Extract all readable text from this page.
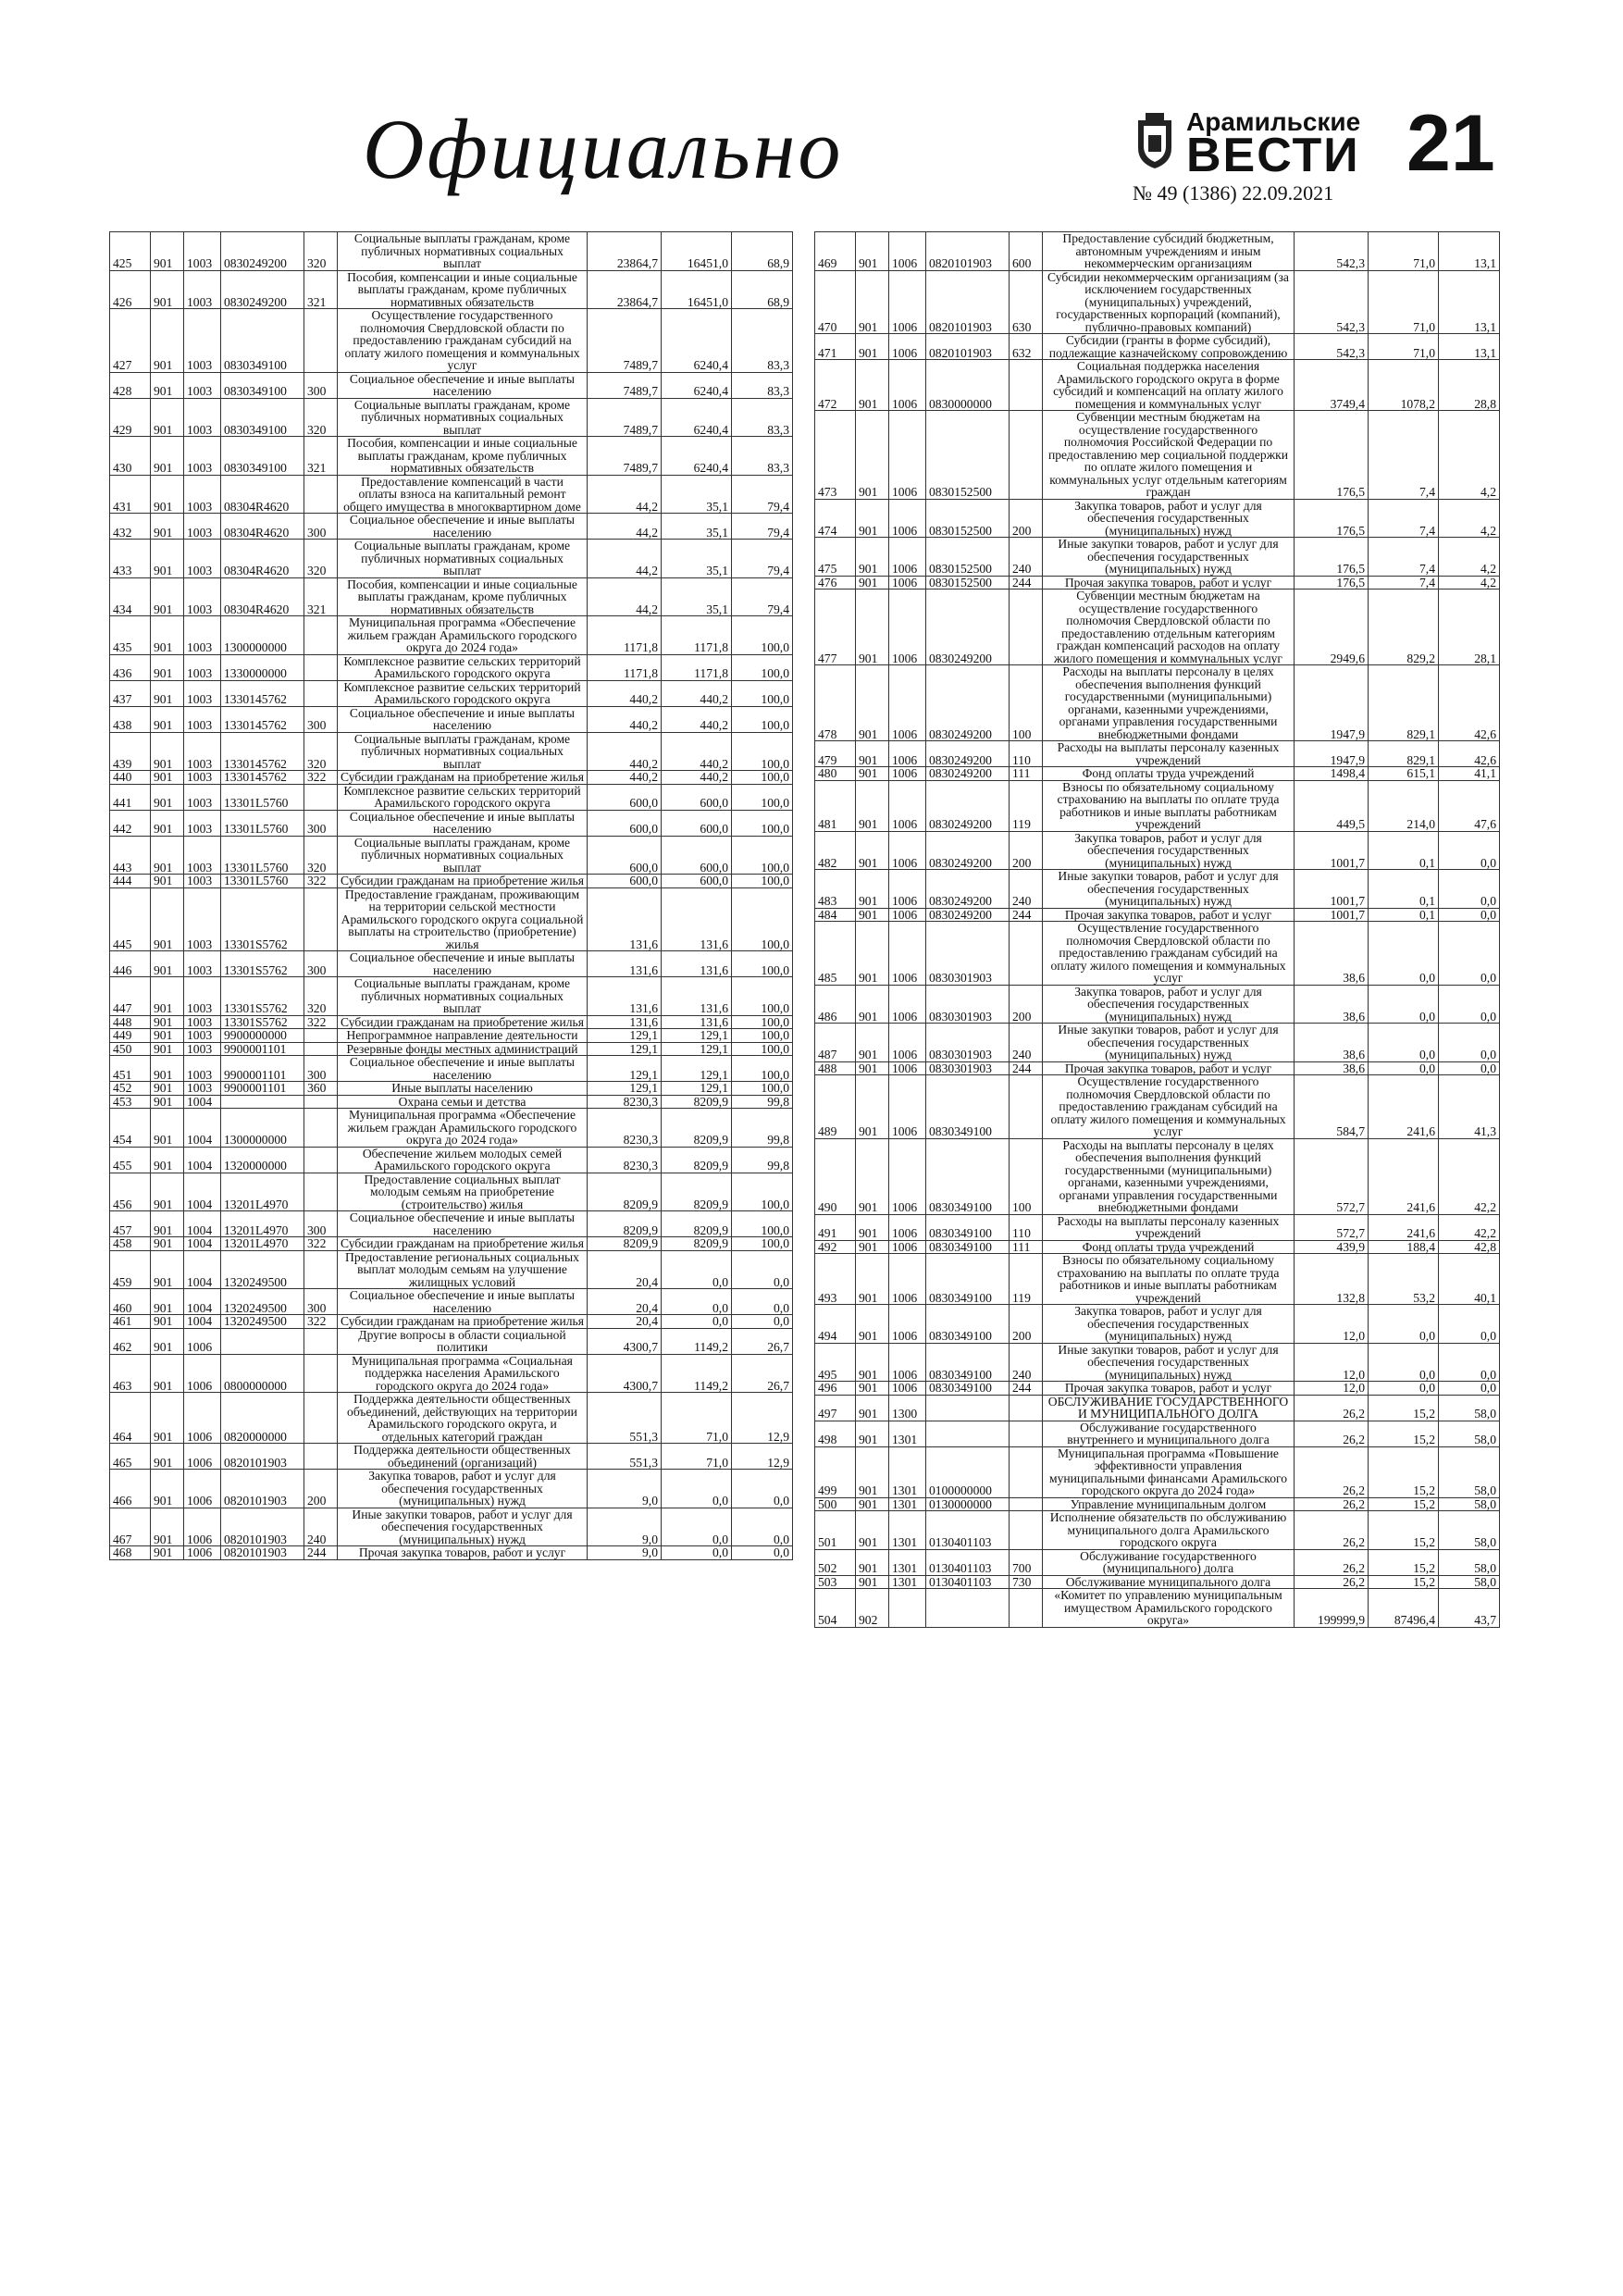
Официально	Арамильские
ВЕСТИ 21
№ 49 (1386) 22.09.2021
425	901	1003	0830249200	320	Социальные выплаты гражданам, кроме публичных нормативных социальных выплат	23864,7	16451,0	68,9
426	901	1003	0830249200	321	Пособия, компенсации и иные социальные выплаты гражданам, кроме публичных нормативных обязательств	23864,7	16451,0	68,9
427	901	1003	0830349100		Осуществление государственного полномочия Свердловской области по предоставлению гражданам субсидий на оплату жилого помещения и коммунальных услуг	7489,7	6240,4	83,3
428	901	1003	0830349100	300	Социальное обеспечение и иные выплаты населению	7489,7	6240,4	83,3
429	901	1003	0830349100	320	Социальные выплаты гражданам, кроме публичных нормативных социальных выплат	7489,7	6240,4	83,3
430	901	1003	0830349100	321	Пособия, компенсации и иные социальные выплаты гражданам, кроме публичных нормативных обязательств	7489,7	6240,4	83,3
431	901	1003	08304R4620		Предоставление компенсаций в части оплаты взноса на капитальный ремонт общего имущества в многоквартирном доме	44,2	35,1	79,4
432	901	1003	08304R4620	300	Социальное обеспечение и иные выплаты населению	44,2	35,1	79,4
433	901	1003	08304R4620	320	Социальные выплаты гражданам, кроме публичных нормативных социальных выплат	44,2	35,1	79,4
434	901	1003	08304R4620	321	Пособия, компенсации и иные социальные выплаты гражданам, кроме публичных нормативных обязательств	44,2	35,1	79,4
435	901	1003	1300000000		Муниципальная программа «Обеспечение жильем граждан Арамильского городского округа до 2024 года»	1171,8	1171,8	100,0
436	901	1003	1330000000		Комплексное развитие сельских территорий Арамильского городского округа	1171,8	1171,8	100,0
437	901	1003	1330145762		Комплексное развитие сельских территорий Арамильского городского округа	440,2	440,2	100,0
438	901	1003	1330145762	300	Социальное обеспечение и иные выплаты населению	440,2	440,2	100,0
439	901	1003	1330145762	320	Социальные выплаты гражданам, кроме публичных нормативных социальных выплат	440,2	440,2	100,0
440	901	1003	1330145762	322	Субсидии гражданам на приобретение жилья	440,2	440,2	100,0
441	901	1003	13301L5760		Комплексное развитие сельских территорий Арамильского городского округа	600,0	600,0	100,0
442	901	1003	13301L5760	300	Социальное обеспечение и иные выплаты населению	600,0	600,0	100,0
443	901	1003	13301L5760	320	Социальные выплаты гражданам, кроме публичных нормативных социальных выплат	600,0	600,0	100,0
444	901	1003	13301L5760	322	Субсидии гражданам на приобретение жилья	600,0	600,0	100,0
445	901	1003	13301S5762		Предоставление гражданам, проживающим на территории сельской местности Арамильского городского округа социальной выплаты на строительство (приобретение) жилья	131,6	131,6	100,0
446	901	1003	13301S5762	300	Социальное обеспечение и иные выплаты населению	131,6	131,6	100,0
447	901	1003	13301S5762	320	Социальные выплаты гражданам, кроме публичных нормативных социальных выплат	131,6	131,6	100,0
448	901	1003	13301S5762	322	Субсидии гражданам на приобретение жилья	131,6	131,6	100,0
449	901	1003	9900000000		Непрограммное направление деятельности	129,1	129,1	100,0
450	901	1003	9900001101		Резервные фонды местных администраций	129,1	129,1	100,0
451	901	1003	9900001101	300	Социальное обеспечение и иные выплаты населению	129,1	129,1	100,0
452	901	1003	9900001101	360	Иные выплаты населению	129,1	129,1	100,0
453	901	1004			Охрана семьи и детства	8230,3	8209,9	99,8
454	901	1004	1300000000		Муниципальная программа «Обеспечение жильем граждан Арамильского городского округа до 2024 года»	8230,3	8209,9	99,8
455	901	1004	1320000000		Обеспечение жильем молодых семей Арамильского городского округа	8230,3	8209,9	99,8
456	901	1004	13201L4970		Предоставление социальных выплат молодым семьям на приобретение (строительство) жилья	8209,9	8209,9	100,0
457	901	1004	13201L4970	300	Социальное обеспечение и иные выплаты населению	8209,9	8209,9	100,0
458	901	1004	13201L4970	322	Субсидии гражданам на приобретение жилья	8209,9	8209,9	100,0
459	901	1004	1320249500		Предоставление региональных социальных выплат молодым семьям на улучшение жилищных условий	20,4	0,0	0,0
460	901	1004	1320249500	300	Социальное обеспечение и иные выплаты населению	20,4	0,0	0,0
461	901	1004	1320249500	322	Субсидии гражданам на приобретение жилья	20,4	0,0	0,0
462	901	1006			Другие вопросы в области социальной политики	4300,7	1149,2	26,7
463	901	1006	0800000000		Муниципальная программа «Социальная поддержка населения Арамильского городского округа до 2024 года»	4300,7	1149,2	26,7
464	901	1006	0820000000		Поддержка деятельности общественных объединений, действующих на территории Арамильского городского округа, и отдельных категорий граждан	551,3	71,0	12,9
465	901	1006	0820101903		Поддержка деятельности общественных объединений (организаций)	551,3	71,0	12,9
466	901	1006	0820101903	200	Закупка товаров, работ и услуг для обеспечения государственных (муниципальных) нужд	9,0	0,0	0,0
467	901	1006	0820101903	240	Иные закупки товаров, работ и услуг для обеспечения государственных (муниципальных) нужд	9,0	0,0	0,0
468	901	1006	0820101903	244	Прочая закупка товаров, работ и услуг	9,0	0,0	0,0
469	901	1006	0820101903	600	Предоставление субсидий бюджетным, автономным учреждениям и иным некоммерческим организациям	542,3	71,0	13,1
470	901	1006	0820101903	630	Субсидии некоммерческим организациям (за исключением государственных (муниципальных) учреждений, государственных корпораций (компаний), публично-правовых компаний)	542,3	71,0	13,1
471	901	1006	0820101903	632	Субсидии (гранты в форме субсидий), подлежащие казначейскому сопровождению	542,3	71,0	13,1
472	901	1006	0830000000		Социальная поддержка населения Арамильского городского округа в форме субсидий и компенсаций на оплату жилого помещения и коммунальных услуг	3749,4	1078,2	28,8
473	901	1006	0830152500		Субвенции местным бюджетам на осуществление государственного полномочия Российской Федерации по предоставлению мер социальной поддержки по оплате жилого помещения и коммунальных услуг отдельным категориям граждан	176,5	7,4	4,2
474	901	1006	0830152500	200	Закупка товаров, работ и услуг для обеспечения государственных (муниципальных) нужд	176,5	7,4	4,2
475	901	1006	0830152500	240	Иные закупки товаров, работ и услуг для обеспечения государственных (муниципальных) нужд	176,5	7,4	4,2
476	901	1006	0830152500	244	Прочая закупка товаров, работ и услуг	176,5	7,4	4,2
477	901	1006	0830249200		Субвенции местным бюджетам на осуществление государственного полномочия Свердловской области по предоставлению отдельным категориям граждан компенсаций расходов на оплату жилого помещения и коммунальных услуг	2949,6	829,2	28,1
478	901	1006	0830249200	100	Расходы на выплаты персоналу в целях обеспечения выполнения функций государственными (муниципальными) органами, казенными учреждениями, органами управления государственными внебюджетными фондами	1947,9	829,1	42,6
479	901	1006	0830249200	110	Расходы на выплаты персоналу казенных учреждений	1947,9	829,1	42,6
480	901	1006	0830249200	111	Фонд оплаты труда учреждений	1498,4	615,1	41,1
481	901	1006	0830249200	119	Взносы по обязательному социальному страхованию на выплаты по оплате труда работников и иные выплаты работникам учреждений	449,5	214,0	47,6
482	901	1006	0830249200	200	Закупка товаров, работ и услуг для обеспечения государственных (муниципальных) нужд	1001,7	0,1	0,0
483	901	1006	0830249200	240	Иные закупки товаров, работ и услуг для обеспечения государственных (муниципальных) нужд	1001,7	0,1	0,0
484	901	1006	0830249200	244	Прочая закупка товаров, работ и услуг	1001,7	0,1	0,0
485	901	1006	0830301903		Осуществление государственного полномочия Свердловской области по предоставлению гражданам субсидий на оплату жилого помещения и коммунальных услуг	38,6	0,0	0,0
486	901	1006	0830301903	200	Закупка товаров, работ и услуг для обеспечения государственных (муниципальных) нужд	38,6	0,0	0,0
487	901	1006	0830301903	240	Иные закупки товаров, работ и услуг для обеспечения государственных (муниципальных) нужд	38,6	0,0	0,0
488	901	1006	0830301903	244	Прочая закупка товаров, работ и услуг	38,6	0,0	0,0
489	901	1006	0830349100		Осуществление государственного полномочия Свердловской области по предоставлению гражданам субсидий на оплату жилого помещения и коммунальных услуг	584,7	241,6	41,3
490	901	1006	0830349100	100	Расходы на выплаты персоналу в целях обеспечения выполнения функций государственными (муниципальными) органами, казенными учреждениями, органами управления государственными внебюджетными фондами	572,7	241,6	42,2
491	901	1006	0830349100	110	Расходы на выплаты персоналу казенных учреждений	572,7	241,6	42,2
492	901	1006	0830349100	111	Фонд оплаты труда учреждений	439,9	188,4	42,8
493	901	1006	0830349100	119	Взносы по обязательному социальному страхованию на выплаты по оплате труда работников и иные выплаты работникам учреждений	132,8	53,2	40,1
494	901	1006	0830349100	200	Закупка товаров, работ и услуг для обеспечения государственных (муниципальных) нужд	12,0	0,0	0,0
495	901	1006	0830349100	240	Иные закупки товаров, работ и услуг для обеспечения государственных (муниципальных) нужд	12,0	0,0	0,0
496	901	1006	0830349100	244	Прочая закупка товаров, работ и услуг	12,0	0,0	0,0
497	901	1300			ОБСЛУЖИВАНИЕ ГОСУДАРСТВЕННОГО И МУНИЦИПАЛЬНОГО ДОЛГА	26,2	15,2	58,0
498	901	1301			Обслуживание государственного внутреннего и муниципального долга	26,2	15,2	58,0
499	901	1301	0100000000		Муниципальная программа «Повышение эффективности управления муниципальными финансами Арамильского городского округа до 2024 года»	26,2	15,2	58,0
500	901	1301	0130000000		Управление муниципальным долгом	26,2	15,2	58,0
501	901	1301	0130401103		Исполнение обязательств по обслуживанию муниципального долга Арамильского городского округа	26,2	15,2	58,0
502	901	1301	0130401103	700	Обслуживание государственного (муниципального) долга	26,2	15,2	58,0
503	901	1301	0130401103	730	Обслуживание муниципального долга	26,2	15,2	58,0
504	902				«Комитет по управлению муниципальным имуществом Арамильского городского округа»	199999,9	87496,4	43,7
